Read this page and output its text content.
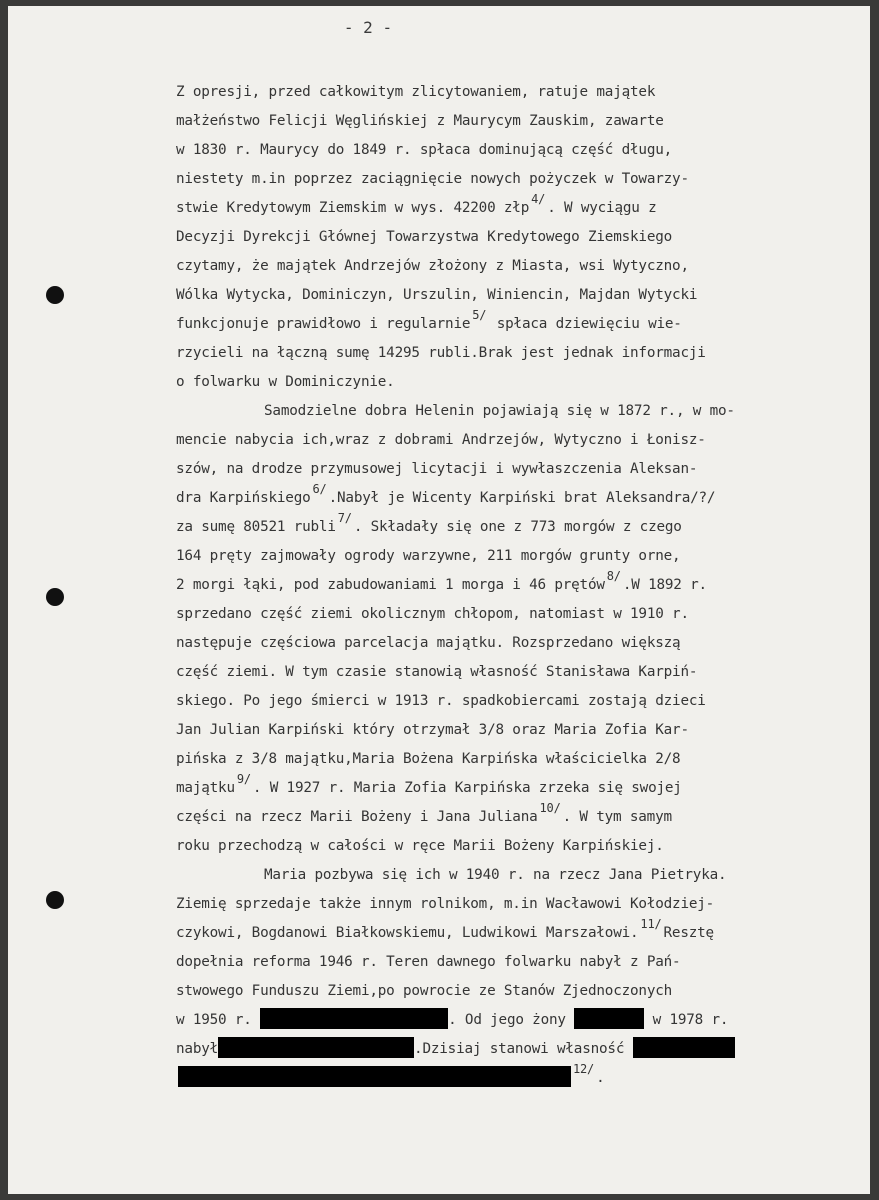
- 2 -
Z opresji, przed całkowitym zlicytowaniem, ratuje majątek
małżeństwo Felicji Węglińskiej z Mauryсym Zauskim, zawarte
w 1830 r. Maurycy do 1849 r. spłaca dominującą część długu,
niestety m.in poprzez zaciągnięcie nowych pożyczek w Towarzy-
stwie Kredytowym Ziemskim w wys. 42200 złp$^{4/}$. W wyciągu z
Decyzji Dyrekcji Głównej Towarzystwa Kredytowego Ziemskiego
czytamy, że majątek Andrzejów złożony z Miasta, wsi Wytyczno,
Wólka Wytycka, Dominiczyn, Urszulin, Winiencin, Majdan Wytycki
funkcjonuje prawidłowo i regularnie$^{5/}$ spłaca dziewięciu wie-
rzycieli na łączną sumę 14295 rubli.Brak jest jednak informacji
o folwarku w Dominiczynie.
Samodzielne dobra Helenin pojawiają się w 1872 r., w mo-
mencie nabycia ich,wraz z dobrami Andrzejów, Wytyczno i Łonisz-
szów, na drodze przymusowej licytacji i wywłaszczenia Aleksan-
dra Karpińskiego$^{6/}$.Nabył je Wicenty Karpiński brat Aleksandra/?/
za sumę 80521 rubli$^{7/}$. Składały się one z 773 morgów z czego
164 pręty zajmowały ogrody warzywne, 211 morgów grunty orne,
2 morgi łąki, pod zabudowaniami 1 morga i 46 prętów$^{8/}$.W 1892 r.
sprzedano część ziemi okolicznym chłopom, natomiast w 1910 r.
następuje częściowa parcelacja majątku. Rozsprzedano większą
część ziemi. W tym czasie stanowią własność Stanisława Karpiń-
skiego. Po jego śmierci w 1913 r. spadkobiercami zostają dzieci
Jan Julian Karpiński który otrzymał 3/8 oraz Maria Zofia Kar-
pińska z 3/8 majątku,Maria Bożena Karpińska właścicielka 2/8
majątku$^{9/}$. W 1927 r. Maria Zofia Karpińska zrzeka się swojej
części na rzecz Marii Bożeny i Jana Juliana$^{10/}$. W tym samym
roku przechodzą w całości w ręce Marii Bożeny Karpińskiej.
Maria pozbywa się ich w 1940 r. na rzecz Jana Pietryka.
Ziemię sprzedaje także innym rolnikom, m.in Wacławowi Kołodziej-
czykowi, Bogdanowi Białkowskiemu, Ludwikowi Marszałowi.$^{11/}$Resztę
dopełnia reforma 1946 r. Teren dawnego folwarku nabył z Pań-
stwowego Funduszu Ziemi,po powrocie ze Stanów Zjednoczonych
w 1950 r.	. Od jego żony	w 1978 r.
nabył	.Dzisiaj stanowi własność
$^{12/}$.
